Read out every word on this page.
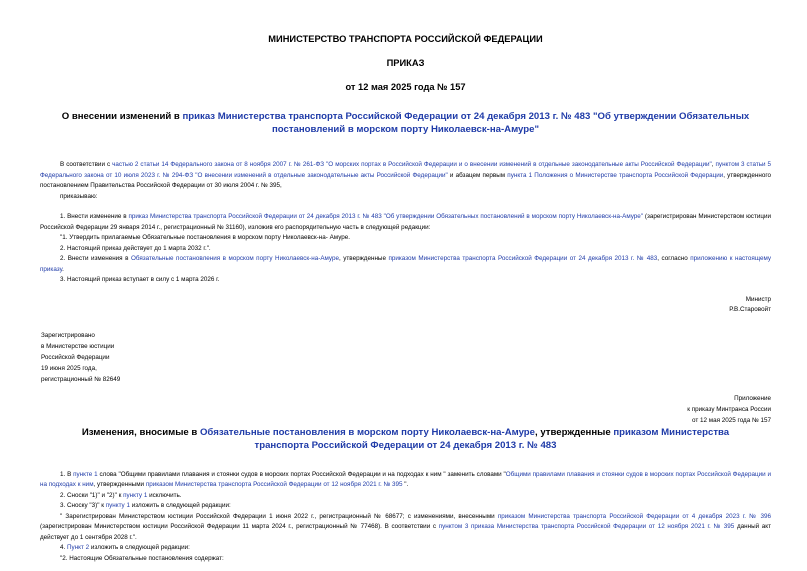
МИНИСТЕРСТВО ТРАНСПОРТА РОССИЙСКОЙ ФЕДЕРАЦИИ
ПРИКАЗ
от 12 мая 2025 года № 157
О внесении изменений в приказ Министерства транспорта Российской Федерации от 24 декабря 2013 г. № 483 "Об утверждении Обязательных постановлений в морском порту Николаевск-на-Амуре"

В соответствии с частью 2 статьи 14 Федерального закона от 8 ноября 2007 г. № 261-ФЗ "О морских портах в Российской Федерации и о внесении изменений в отдельные законодательные акты Российской Федерации", пунктом 3 статьи 5 Федерального закона от 10 июля 2023 г. № 294-ФЗ "О внесении изменений в отдельные законодательные акты Российской Федерации" и абзацем первым пункта 1 Положения о Министерстве транспорта Российской Федерации, утвержденного постановлением Правительства Российской Федерации от 30 июля 2004 г. № 395,

приказываю:

1. Внести изменение в приказ Министерства транспорта Российской Федерации от 24 декабря 2013 г. № 483 "Об утверждении Обязательных постановлений в морском порту Николаевск-на-Амуре" (зарегистрирован Министерством юстиции Российской Федерации 29 января 2014 г., регистрационный № 31160), изложив его распорядительную часть в следующей редакции:

"1. Утвердить прилагаемые Обязательные постановления в морском порту Николаевск-на- Амуре.

2. Настоящий приказ действует до 1 марта 2032 г.".

2. Внести изменения в Обязательные постановления в морском порту Николаевск-на-Амуре, утвержденные приказом Министерства транспорта Российской Федерации от 24 декабря 2013 г. № 483, согласно приложению к настоящему приказу.

3. Настоящий приказ вступает в силу с 1 марта 2026 г.

Министр
Р.В.Старовойт
Зарегистрировано
в Министерстве юстиции
Российской Федерации
19 июня 2025 года,
регистрационный № 82649
Приложение
к приказу Минтранса России
от 12 мая 2025 года № 157
Изменения, вносимые в Обязательные постановления в морском порту Николаевск-на-Амуре, утвержденные приказом Министерства транспорта Российской Федерации от 24 декабря 2013 г. № 483

1. В пункте 1 слова "Общими правилами плавания и стоянки судов в морских портах Российской Федерации и на подходах к ним " заменить словами "Общими правилами плавания и стоянки судов в морских портах Российской Федерации и на подходах к ним, утвержденными приказом Министерства транспорта Российской Федерации от 12 ноября 2021 г. № 395 ".

2. Сноски "1)" и "2)" к пункту 1 исключить.

3. Сноску "3)" к пункту 1 изложить в следующей редакции:

" Зарегистрирован Министерством юстиции Российской Федерации 1 июня 2022 г., регистрационный № 68677; с изменениями, внесенными приказом Министерства транспорта Российской Федерации от 4 декабря 2023 г. № 396 (зарегистрирован Министерством юстиции Российской Федерации 11 марта 2024 г., регистрационный № 77468). В соответствии с пунктом 3 приказа Министерства транспорта Российской Федерации от 12 ноября 2021 г. № 395 данный акт действует до 1 сентября 2028 г.".

4. Пункт 2 изложить в следующей редакции:

"2. Настоящие Обязательные постановления содержат:
